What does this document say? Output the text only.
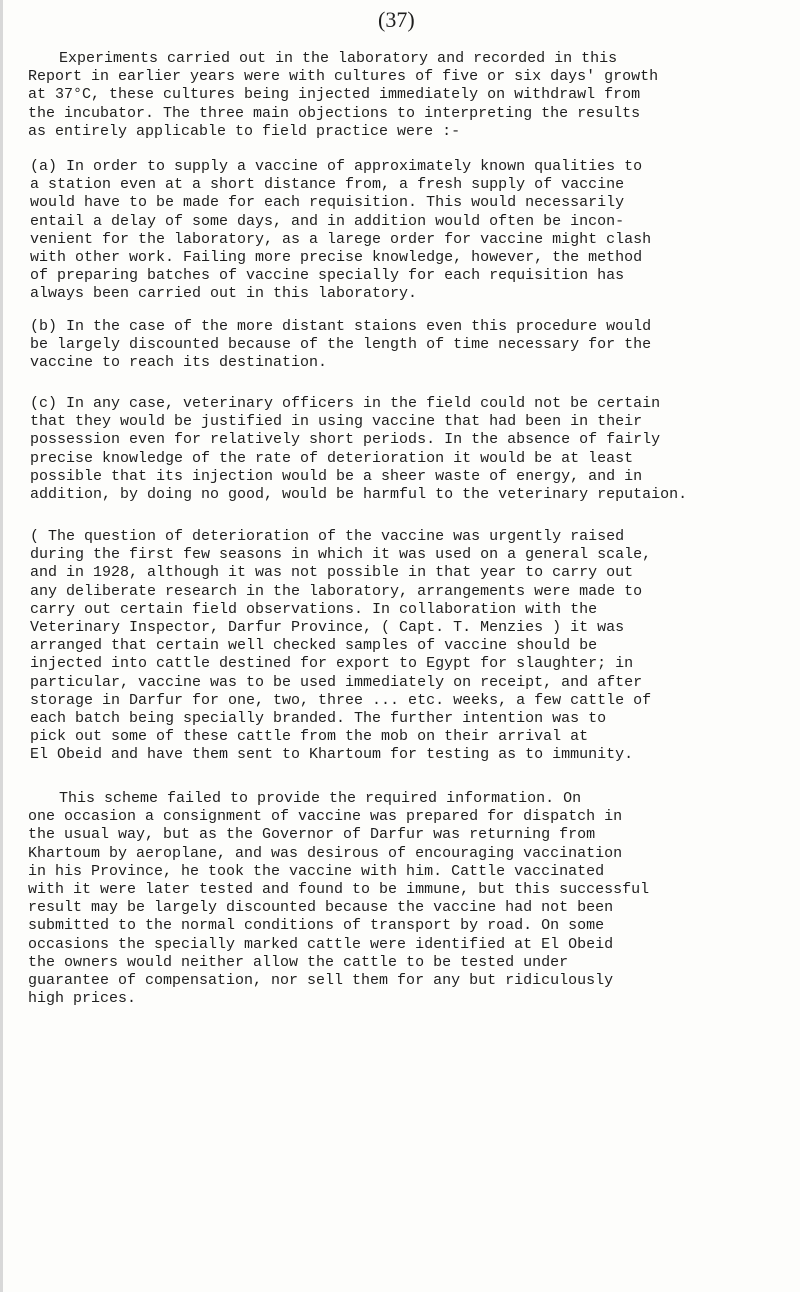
(37)
Experiments carried out in the laboratory and recorded in this
Report in earlier years were with cultures of five or six days' growth
at 37°C, these cultures being injected immediately on withdrawl from
the incubator. The three main objections to interpreting the results
as entirely applicable to field practice were :-
(a) In order to supply a vaccine of approximately known qualities to
a station even at a short distance from, a fresh supply of vaccine
would have to be made for each requisition. This would necessarily
entail a delay of some days, and in addition would often be incon-
venient for the laboratory, as a larege order for vaccine might clash
with other work. Failing more precise knowledge, however, the method
of preparing batches of vaccine specially for each requisition has
always been carried out in this laboratory.
(b) In the case of the more distant staions even this procedure would
be largely discounted because of the length of time necessary for the
vaccine to reach its destination.
(c) In any case, veterinary officers in the field could not be certain
that they would be justified in using vaccine that had been in their
possession even for relatively short periods. In the absence of fairly
precise knowledge of the rate of deterioration it would be at least
possible that its injection would be a sheer waste of energy, and in
addition, by doing no good, would be harmful to the veterinary reputaion.
( The question of deterioration of the vaccine was urgently raised
during the first few seasons in which it was used on a general scale,
and in 1928, although it was not possible in that year to carry out
any deliberate research in the laboratory, arrangements were made to
carry out certain field observations. In collaboration with the
Veterinary Inspector, Darfur Province, ( Capt. T. Menzies ) it was
arranged that certain well checked samples of vaccine should be
injected into cattle destined for export to Egypt for slaughter; in
particular, vaccine was to be used immediately on receipt, and after
storage in Darfur for one, two, three ... etc. weeks, a few cattle of
each batch being specially branded. The further intention was to
pick out some of these cattle from the mob on their arrival at
El Obeid and have them sent to Khartoum for testing as to immunity.
This scheme failed to provide the required information. On
one occasion a consignment of vaccine was prepared for dispatch in
the usual way, but as the Governor of Darfur was returning from
Khartoum by aeroplane, and was desirous of encouraging vaccination
in his Province, he took the vaccine with him. Cattle vaccinated
with it were later tested and found to be immune, but this successful
result may be largely discounted because the vaccine had not been
submitted to the normal conditions of transport by road. On some
occasions the specially marked cattle were identified at El Obeid
the owners would neither allow the cattle to be tested under
guarantee of compensation, nor sell them for any but ridiculously
high prices.
